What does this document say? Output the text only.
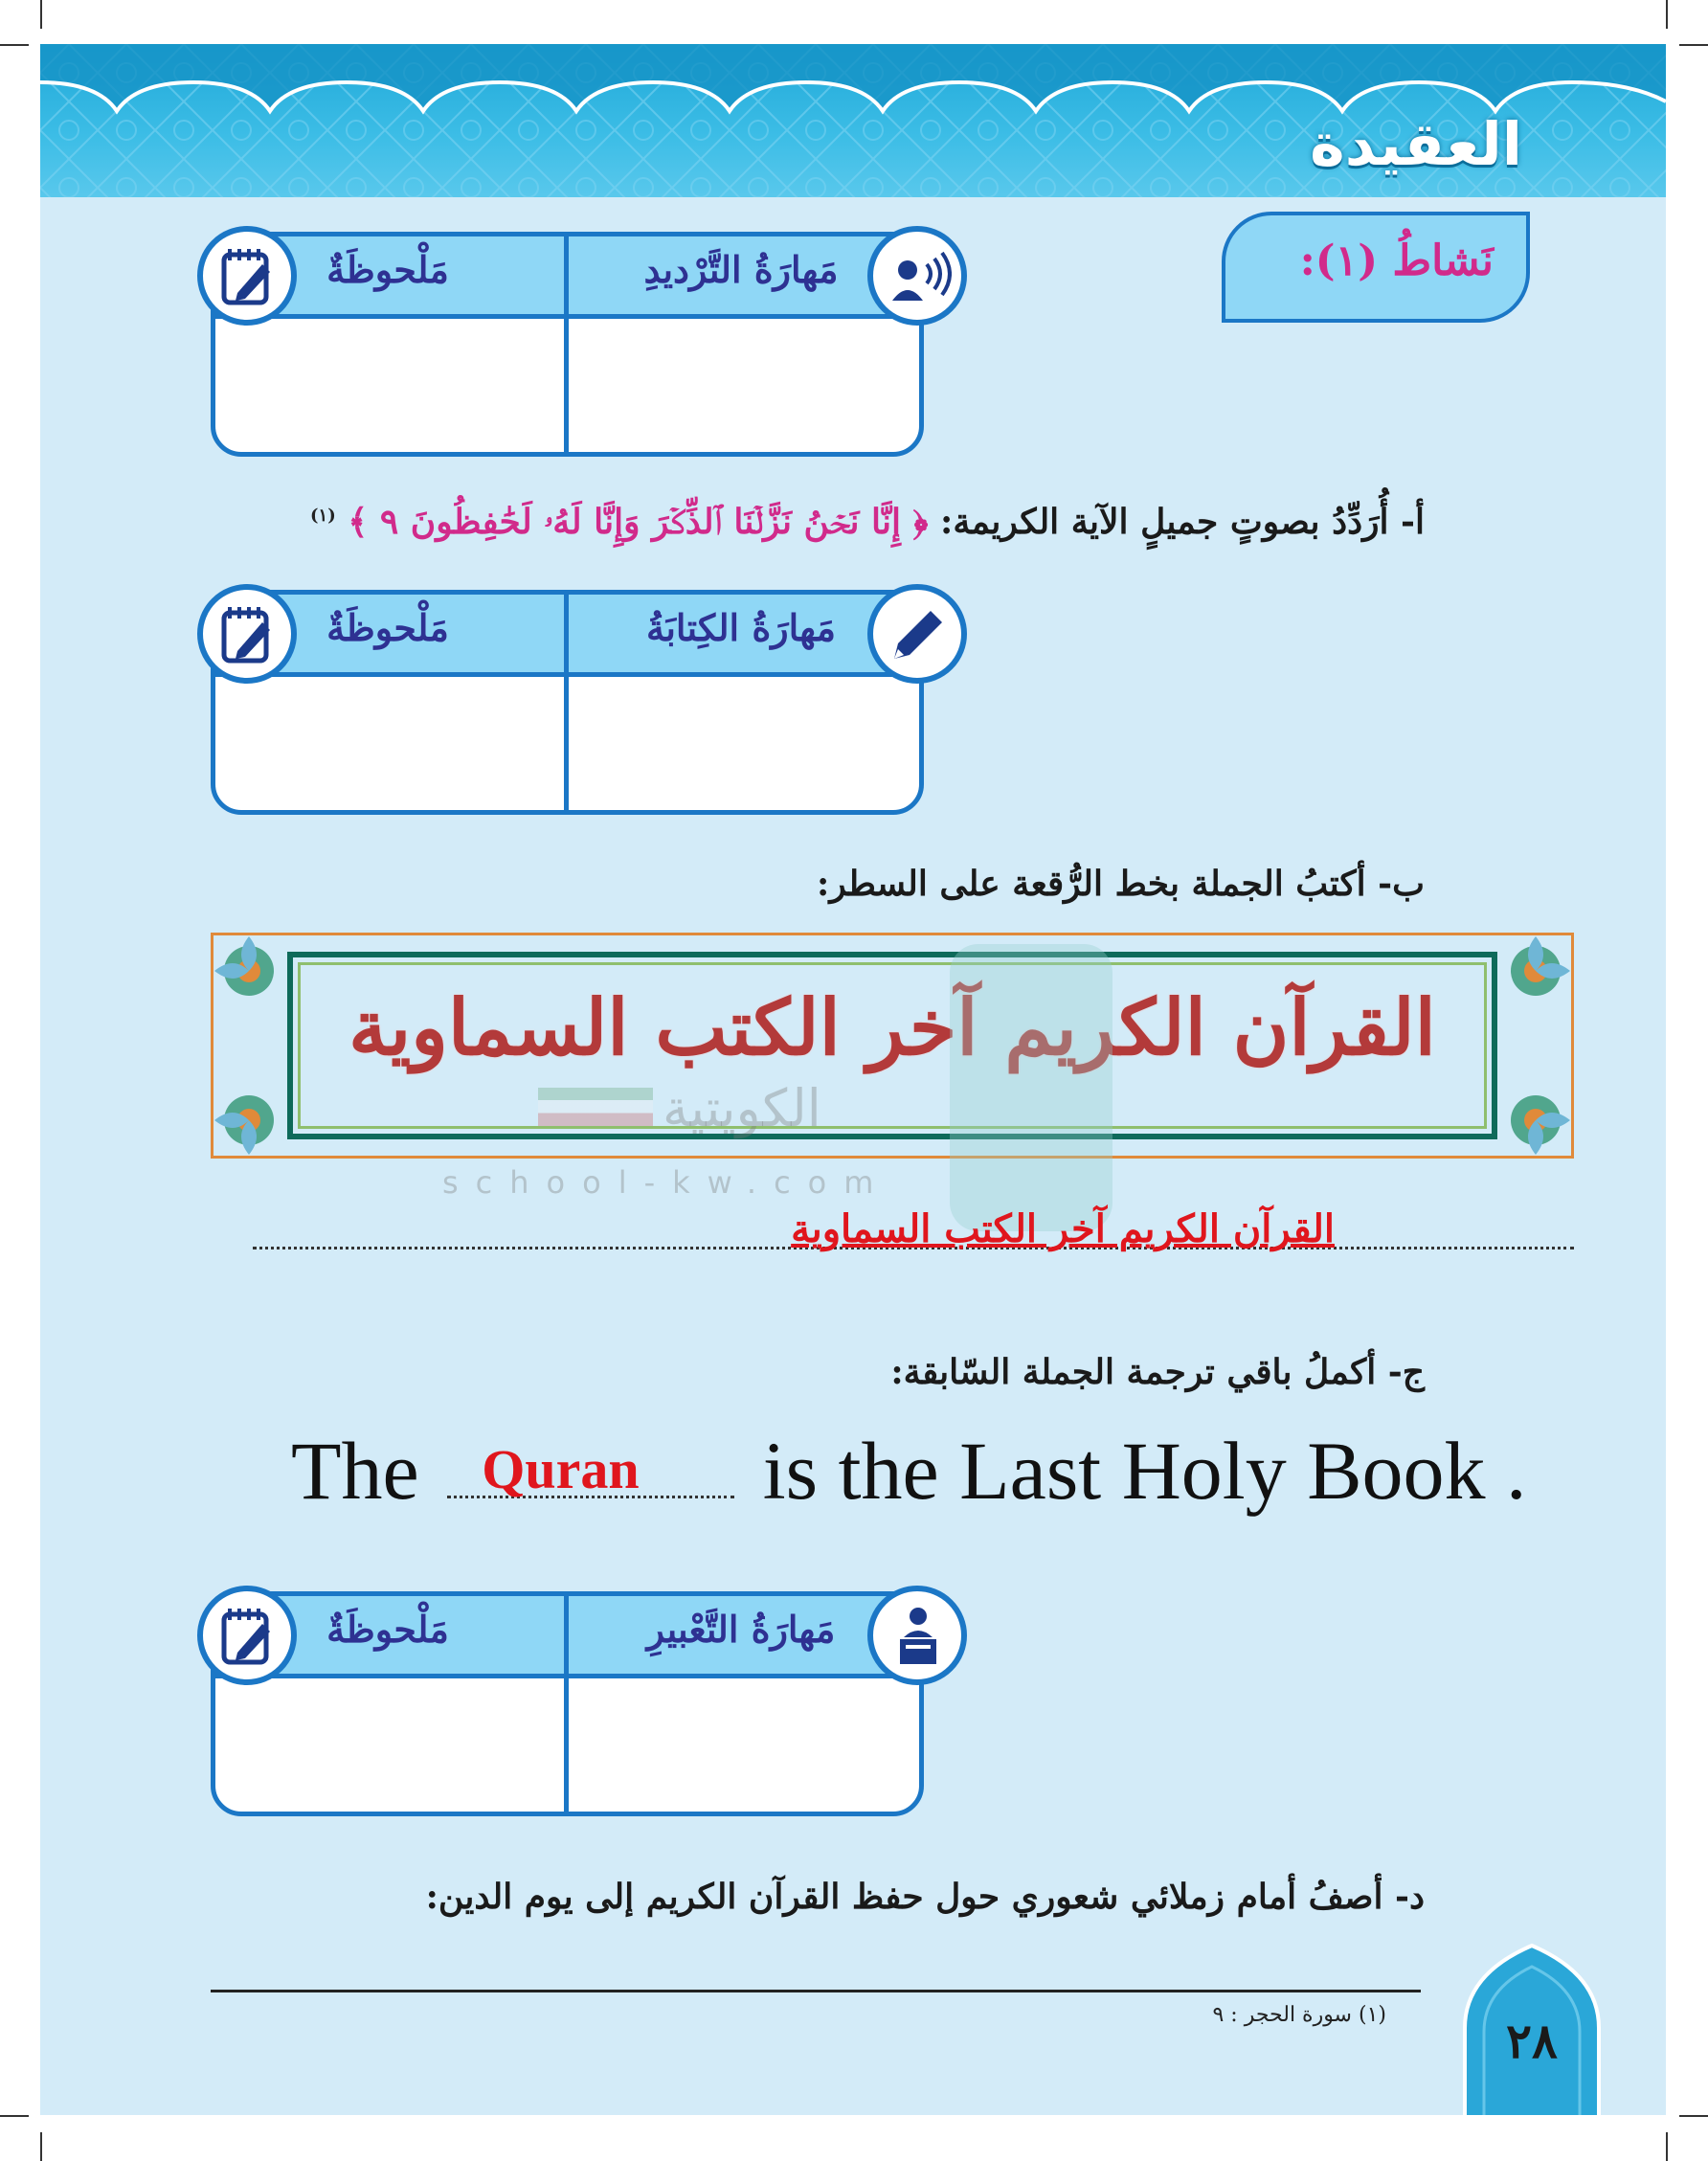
العقيدة
نَشاطُ (١):
مَهارَةُ التَّرْديدِ
مَلْحوظَةٌ
أ- أُرَدِّدُ بصوتٍ جميلٍ الآية الكريمة: ﴿ إِنَّا نَحۡنُ نَزَّلۡنَا ٱلذِّكۡرَ وَإِنَّا لَهُۥ لَحَٰفِظُونَ ٩ ﴾ $^{(١)}$
مَهارَةُ الكِتابَةُ
مَلْحوظَةٌ
ب- أكتبُ الجملة بخط الرُّقعة على السطر:
القرآن الكريم آخر الكتب السماوية
الكويتية
school-kw.com
القرآن الكريم آخر الكتب السماوية
ج- أكملُ باقي ترجمة الجملة السّابقة:
The Quran is the Last Holy Book .
مَهارَةُ التَّعْبيرِ
مَلْحوظَةٌ
د- أصفُ أمام زملائي شعوري حول حفظ القرآن الكريم إلى يوم الدين:
(١) سورة الحجر : ٩	٢٨
